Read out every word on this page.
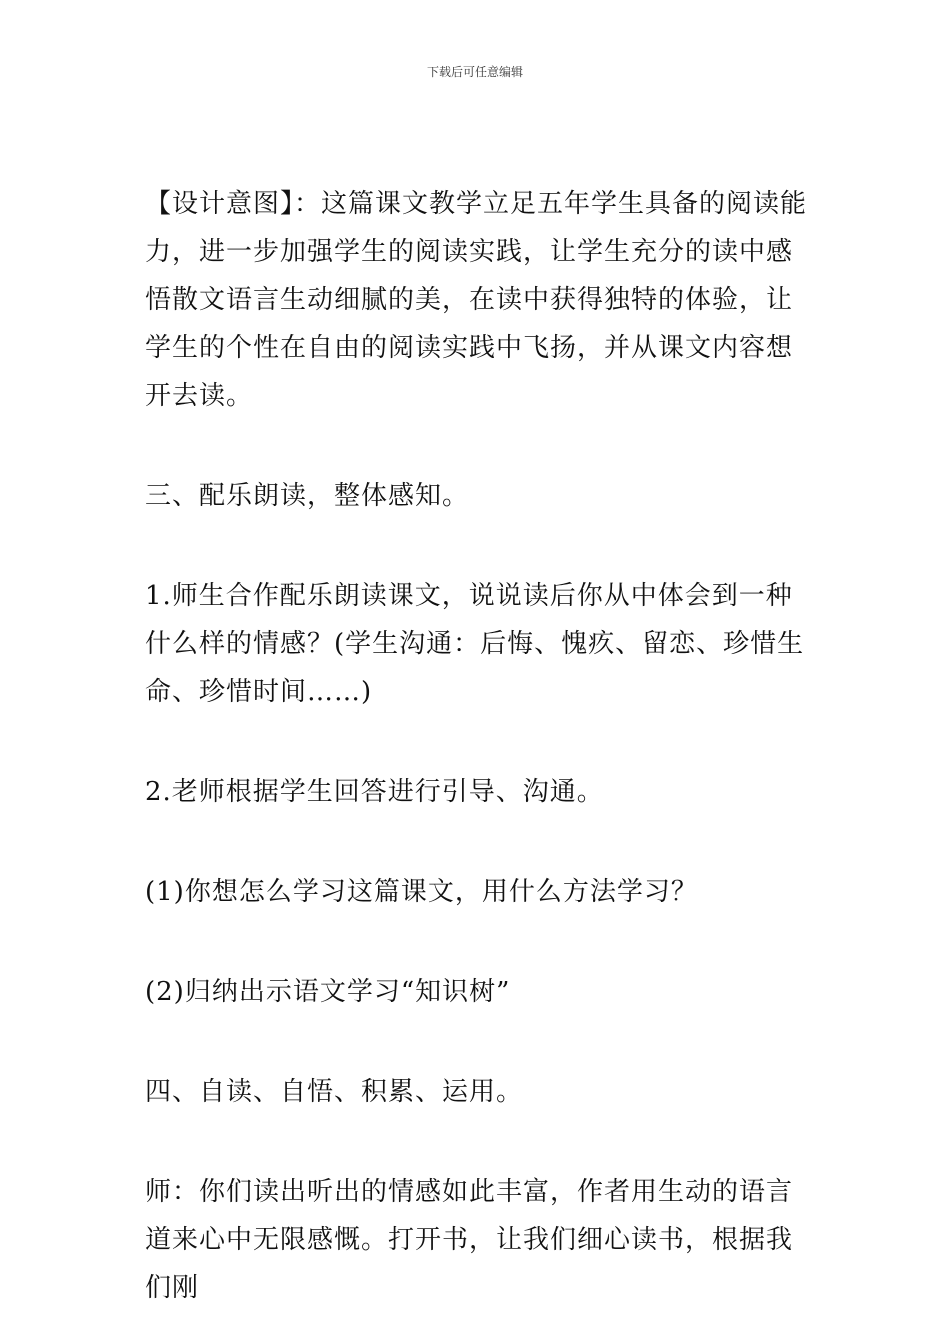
下载后可任意编辑

【设计意图】：这篇课文教学立足五年学生具备的阅读能力，进一步加强学生的阅读实践，让学生充分的读中感悟散文语言生动细腻的美，在读中获得独特的体验，让学生的个性在自由的阅读实践中飞扬，并从课文内容想开去读。

三、配乐朗读，整体感知。

1.师生合作配乐朗读课文，说说读后你从中体会到一种什么样的情感？(学生沟通：后悔、愧疚、留恋、珍惜生命、珍惜时间……)

2.老师根据学生回答进行引导、沟通。

(1)你想怎么学习这篇课文，用什么方法学习？

(2)归纳出示语文学习“知识树”

四、自读、自悟、积累、运用。

师：你们读出听出的情感如此丰富，作者用生动的语言道来心中无限感慨。打开书，让我们细心读书，根据我们刚
